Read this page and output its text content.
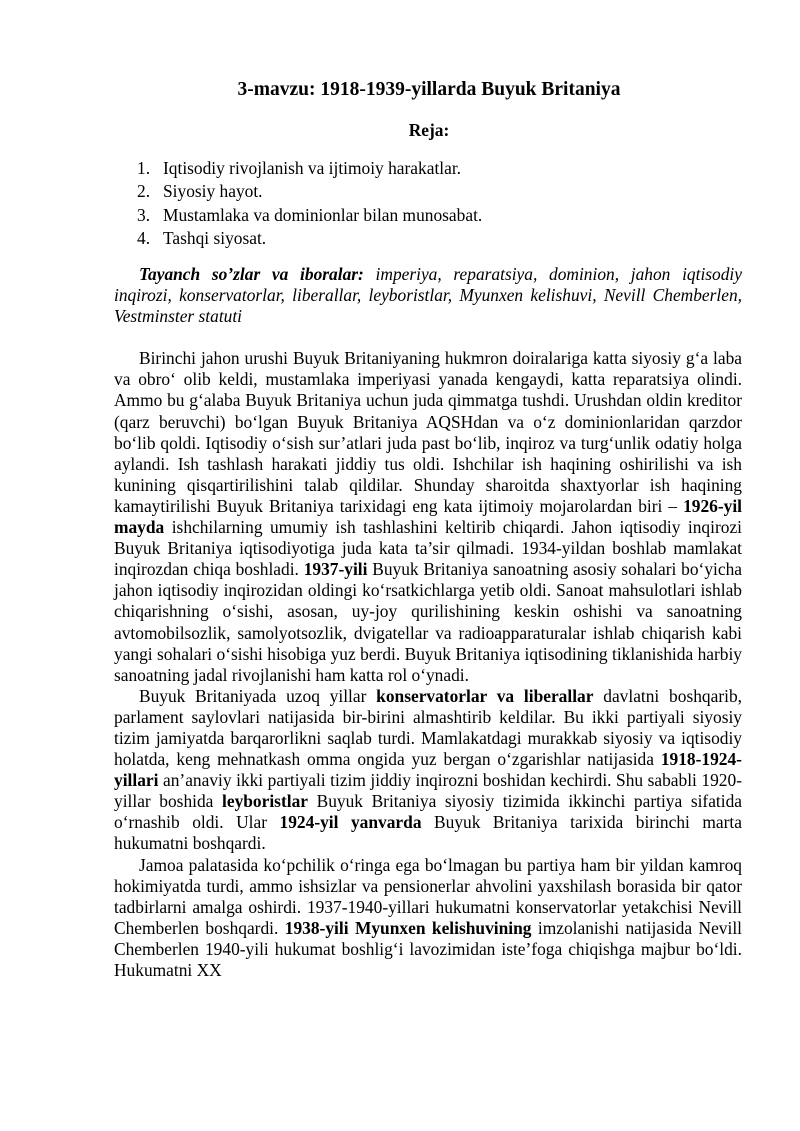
3-mavzu: 1918-1939-yillarda Buyuk Britaniya
Reja:
1. Iqtisodiy rivojlanish va ijtimoiy harakatlar.
2. Siyosiy hayot.
3. Mustamlaka va dominionlar bilan munosabat.
4. Tashqi siyosat.

Tayanch so’zlar va iboralar: imperiya, reparatsiya, dominion, jahon iqtisodiy inqirozi, konservatorlar, liberallar, leyboristlar, Myunxen kelishuvi, Nevill Chemberlen, Vestminster statuti

Birinchi jahon urushi Buyuk Britaniyaning hukmron doiralariga katta siyosiy g‘a laba va obro‘ olib keldi, mustamlaka imperiyasi yanada kengaydi, katta reparatsiya olindi. Ammo bu g‘alaba Buyuk Britaniya uchun juda qimmatga tushdi. Urushdan oldin kreditor (qarz beruvchi) bo‘lgan Buyuk Britaniya AQSHdan va o‘z dominionlaridan qarzdor bo‘lib qoldi. Iqtisodiy o‘sish sur’atlari juda past bo‘lib, inqiroz va turg‘unlik odatiy holga aylandi. Ish tashlash harakati jiddiy tus oldi. Ishchilar ish haqining oshirilishi va ish kunining qisqartirilishini talab qildilar. Shunday sharoitda shaxtyorlar ish haqining kamaytirilishi Buyuk Britaniya tarixidagi eng kata ijtimoiy mojarolardan biri – 1926-yil mayda ishchilarning umumiy ish tashlashini keltirib chiqardi. Jahon iqtisodiy inqirozi Buyuk Britaniya iqtisodiyotiga juda kata ta’sir qilmadi. 1934-yildan boshlab mamlakat inqirozdan chiqa boshladi. 1937-yili Buyuk Britaniya sanoatning asosiy sohalari bo‘yicha jahon iqtisodiy inqirozidan oldingi ko‘rsatkichlarga yetib oldi. Sanoat mahsulotlari ishlab chiqarishning o‘sishi, asosan, uy-joy qurilishining keskin oshishi va sanoatning avtomobilsozlik, samolyotsozlik, dvigatellar va radioapparaturalar ishlab chiqarish kabi yangi sohalari o‘sishi hisobiga yuz berdi. Buyuk Britaniya iqtisodining tiklanishida harbiy sanoatning jadal rivojlanishi ham katta rol o‘ynadi.

Buyuk Britaniyada uzoq yillar konservatorlar va liberallar davlatni boshqarib, parlament saylovlari natijasida bir-birini almashtirib keldilar. Bu ikki partiyali siyosiy tizim jamiyatda barqarorlikni saqlab turdi. Mamlakatdagi murakkab siyosiy va iqtisodiy holatda, keng mehnatkash omma ongida yuz bergan o‘zgarishlar natijasida 1918-1924-yillari an’anaviy ikki partiyali tizim jiddiy inqirozni boshidan kechirdi. Shu sababli 1920-yillar boshida leyboristlar Buyuk Britaniya siyosiy tizimida ikkinchi partiya sifatida o‘rnashib oldi. Ular 1924-yil yanvarda Buyuk Britaniya tarixida birinchi marta hukumatni boshqardi.

Jamoa palatasida ko‘pchilik o‘ringa ega bo‘lmagan bu partiya ham bir yildan kamroq hokimiyatda turdi, ammo ishsizlar va pensionerlar ahvolini yaxshilash borasida bir qator tadbirlarni amalga oshirdi. 1937-1940-yillari hukumatni konservatorlar yetakchisi Nevill Chemberlen boshqardi. 1938-yili Myunxen kelishuvining imzolanishi natijasida Nevill Chemberlen 1940-yili hukumat boshlig‘i lavozimidan iste’foga chiqishga majbur bo‘ldi. Hukumatni XX
